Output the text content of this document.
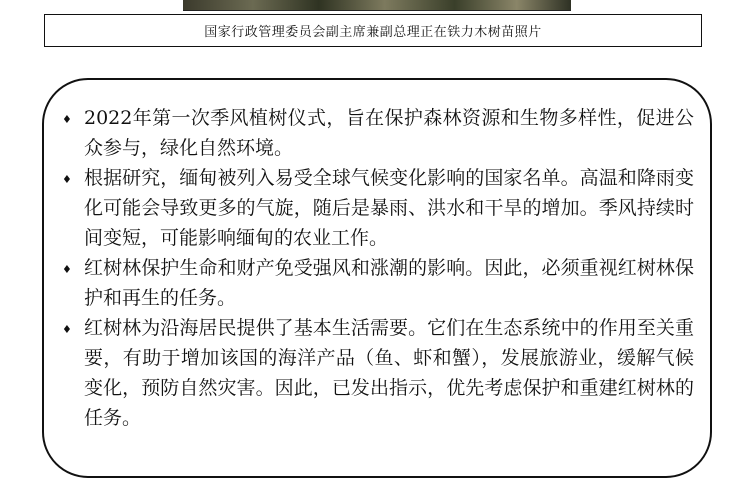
国家行政管理委员会副主席兼副总理正在铁力木树苗照片
♦ 2022年第一次季风植树仪式，旨在保护森林资源和生物多样性，促进公众参与，绿化自然环境。
♦ 根据研究，缅甸被列入易受全球气候变化影响的国家名单。高温和降雨变化可能会导致更多的气旋，随后是暴雨、洪水和干旱的增加。季风持续时间变短，可能影响缅甸的农业工作。
♦ 红树林保护生命和财产免受强风和涨潮的影响。因此，必须重视红树林保护和再生的任务。
♦ 红树林为沿海居民提供了基本生活需要。它们在生态系统中的作用至关重要，有助于增加该国的海洋产品（鱼、虾和蟹），发展旅游业，缓解气候变化，预防自然灾害。因此，已发出指示，优先考虑保护和重建红树林的任务。
